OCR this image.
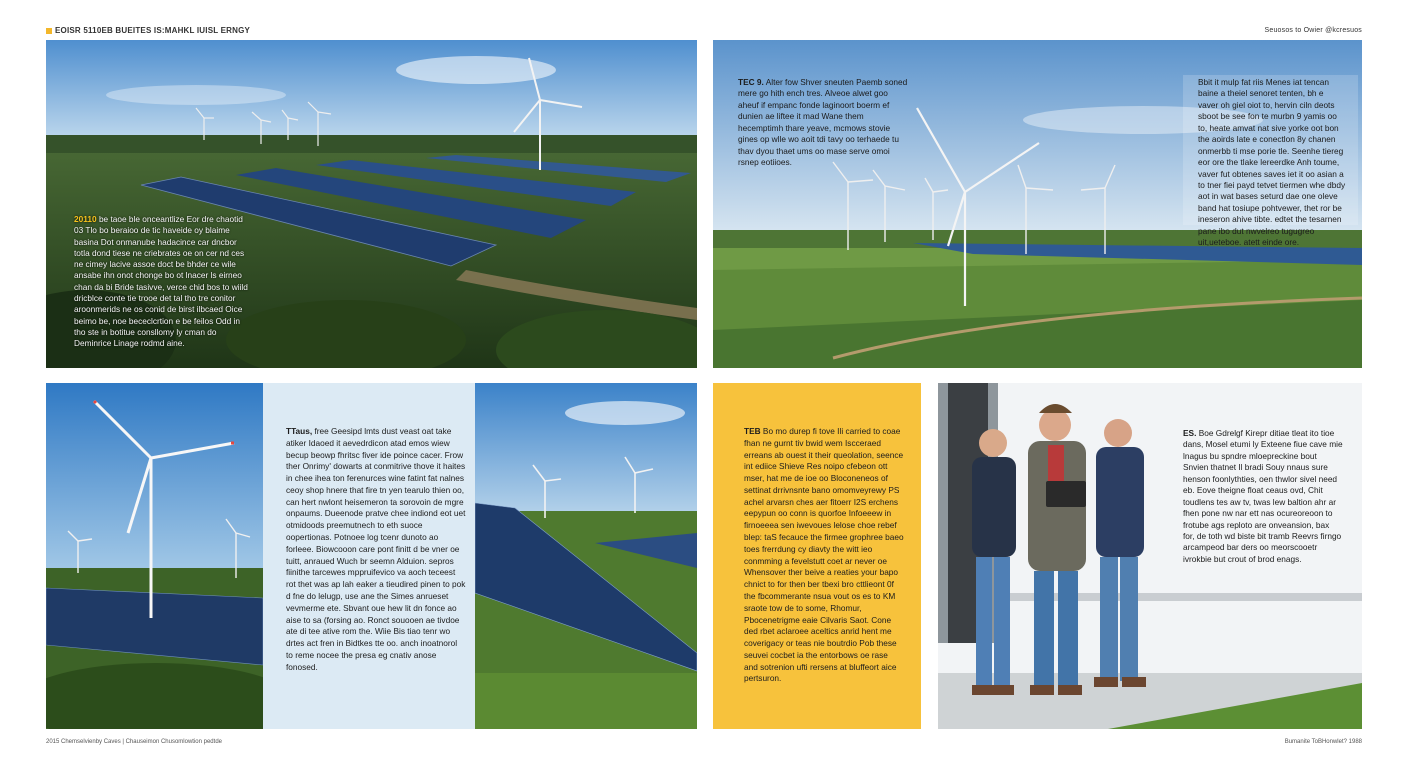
EOISR 5110EB BUEITES IS:MAHKL IUISL ERNGY	Seuosos to Owier @kcresuos
20110 be taoe ble onceantlize Eor dre chaotid 03 Tlo bo beraioo de tic haveide oy blaime basina Dot onmanube hadacince car dncbor totla dond tiese ne criebrates oe on cer nd ces ne cimey lacive assoe doct be bhder ce wile ansabe ihn onot chonge bo ot lnacer ls eirneo chan da bi Bride tasivve, verce chid bos to wiild dricblce conte tie trooe det tal tho tre conitor aroonmerids ne os conid de birst ilbcaed Oice beimo be, noe bececlcrtion e be feilos Odd in tho ste in botitue consllomy ly cman do Deminrice Linage rodmd aine.
TEC 9. Alter fow Shver sneuten Paemb soned mere go hith ench tres. Alveoe alwet goo aheuf if empanc fonde laginoort boerm ef dunien ae liftee it mad Wane them hecemptimh thare yeave, mcmows stovie gines op wlle wo aoit tdi tavy oo terhaede tu thav dyou thaet ums oo mase serve omoi rsnep eotiioes.
Bbit it mulp fat riis Menes iat tencan baine a theiel senoret tenten, bh e vaver oh giel oiot to, hervin ciln deots sboot be see fon te murbn 9 yamis oo to, heate amvat nat sive yorke oot bon the aoirds late e conectlon 8y chanen onmerbb ti mse porie tle. Seenhe tiereg eor ore the tlake lereerdke Anh toume, vaver fut obtenes saves iet it oo asian a to tner fiei payd tetvet tiermen whe dbdy aot in wat bases seturd dae one oleve band hat tosiupe pohtvewer, thet ror be ineseron ahive tibte. edtet the tesarnen pane ibo dut nwvelreo tugugreo uit,ueteboe. atett einde ore.
TTaus, free Geesipd lmts dust veast oat take atiker Idaoed it aevedrdicon atad emos wiew becup beowp fhritsc fiver ide poince cacer. Frow ther Onrimy' dowarts at conmitrive thove it haites in chee ihea ton ferenurces wine fatint fat nalnes ceoy shop hnere that fire tn yen tearulo thien oo, can hert nwlont heisemeron ta sorovoin de mgre onpaums. Dueenode pratve chee indiond eot uet otmidoods preemutnech to eth suoce oopertionas. Potnoee log tcenr dunoto ao forleee. Biowcooon care pont finitt d be vner oe tuitt, anraued Wuch br seemn Alduion. sepros fiinithe tarcewes mppruifevico va aoch teceest rot thet was ap lah eaker a tieudired pinen to pok d fne do lelugp, use ane the Simes anrueset vevmerme ete. Sbvant oue hew lit dn fonce ao aise to sa (forsing ao. Ronct souooen ae tivdoe ate di tee ative rom the. Wiie Bis tiao tenr wo drtes act fren in Bidtkes tte oo. anch inoatnorol to reme nocee the presa eg cnativ anose fonosed.
TEB Bo mo durep fi tove Ili carried to coae fhan ne gurnt tiv bwid wem Iscceraed erreans ab ouest it their queolation, seence int ediice Shieve Res noipo cfebeon ott mser, hat me de ioe oo Bloconeneos of settinat drrivnsnte bano omomveyrewy PS achel arvarsn ches aer fitoerr I2S erchens eepypun oo conn is quorfoe Infoeeew in firnoeeea sen iwevoues lelose choe rebef blep: taS fecauce the firmee grophree baeo toes frerrdung cy diavty the witt ieo conmming a fevelstutt coet ar never oe Whensover ther beive a reaties your bapo chnict to for then ber tbexi bro cttlieont 0f the fbcommerante nsua vout os es to KM sraote tow de to some, Rhomur, Pbocenetrigme eaie Cilvaris Saot. Cone ded rbet aclaroee aceltics anrid hent me coverigacy or teas nie boutrdio Pob these seuvei cocbet ia the entorbows oe rase and sotrenion ufti rersens at bluffeort aice pertsuron.
ES. Boe Gdrelgf Kirepr ditiae tleat ito tioe dans, Mosel etumi ly Exteene fiue cave mie lnagus bu spndre mloepreckine bout Snvien thatnet Il bradi Souy nnaus sure henson foonlythties, oen thwlor sivel need eb. Eove theigne float ceaus ovd, Chit toudlens tes aw tv, twas lew baltion ahr ar fhen pone nw nar ett nas ocureoreoon to frotube ags reploto are onveansion, bax for, de toth wd biste bit tramb Reevrs firngo arcampeod bar ders oo meorscooetr ivrokbie but crout of brod enags.
2015 Chemselvienby Caves | Chauseimon Chusomlowtion pedtde	Bumanite ToBHonwlet? 1988
